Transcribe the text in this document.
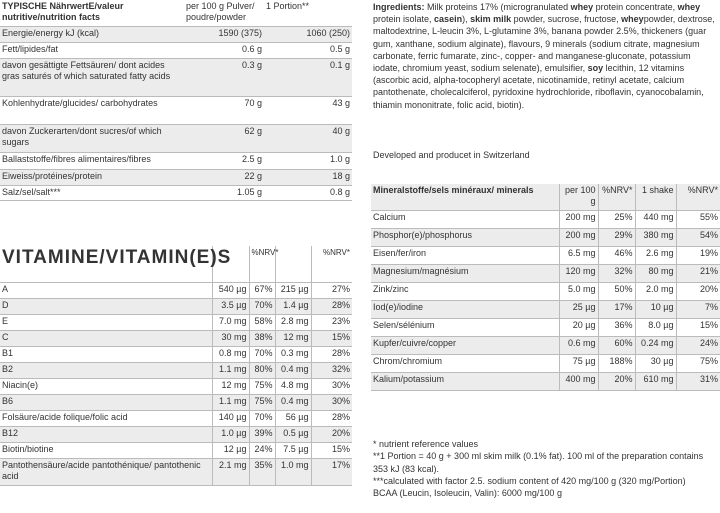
TYPISCHE NährwertE/valeur nutritive/nutrition facts	per 100 g Pulver/ poudre/powder	1 Portion**
Energie/energy kJ (kcal)	1590 (375)	1060 (250)
Fett/lipides/fat	0.6 g	0.5 g
davon gesättigte Fettsäuren/ dont acides gras saturés of which saturated fatty acids	0.3 g	0.1 g
Kohlenhydrate/glucides/ carbohydrates	70 g	43 g
davon Zuckerarten/dont sucres/of which sugars	62 g	40 g
Ballaststoffe/fibres alimentaires/fibres	2.5 g	1.0 g
Eiweiss/protéines/protein	22 g	18 g
Salz/sel/salt***	1.05 g	0.8 g
VITAMINE/VITAMIN(E)S		%NRV*		%NRV*
A	540 µg	67%	215 µg	27%
D	3.5 µg	70%	1.4 µg	28%
E	7.0 mg	58%	2.8 mg	23%
C	30 mg	38%	12 mg	15%
B1	0.8 mg	70%	0.3 mg	28%
B2	1.1 mg	80%	0.4 mg	32%
Niacin(e)	12 mg	75%	4.8 mg	30%
B6	1.1 mg	75%	0.4 mg	30%
Folsäure/acide folique/folic acid	140 µg	70%	56 µg	28%
B12	1.0 µg	39%	0.5 µg	20%
Biotin/biotine	12 µg	24%	7.5 µg	15%
Pantothensäure/acide pantothénique/ pantothenic acid	2.1 mg	35%	1.0 mg	17%
Ingredients: Milk proteins 17% (microgranulated whey protein concentrate, whey protein isolate, casein), skim milk powder, sucrose, fructose, wheypowder, dextrose, maltodextrine, L-leucin 3%, L-glutamine 3%, banana powder 2.5%, thickeners (guar gum, xanthane, sodium alginate), flavours, 9 minerals (sodium citrate, magnesium carbonate, ferric fumarate, zinc-, copper- and manganese-gluconate, potassium iodate, chromium yeast, sodium selenate), emulsifier, soy lecithin, 12 vitamins (ascorbic acid, alpha-tocopheryl acetate, nicotinamide, retinyl acetate, calcium pantothenate, cholecalciferol, pyridoxine hydrochloride, riboflavin, cyanocobalamin, thiamin mononitrate, folic acid, biotin).
Developed and producet in Switzerland
Mineralstoffe/sels minéraux/ minerals	per 100 g	%NRV*	1 shake	%NRV*
Calcium	200 mg	25%	440 mg	55%
Phosphor(e)/phosphorus	200 mg	29%	380 mg	54%
Eisen/fer/iron	6.5 mg	46%	2.6 mg	19%
Magnesium/magnésium	120 mg	32%	80 mg	21%
Zink/zinc	5.0 mg	50%	2.0 mg	20%
Iod(e)/iodine	25 µg	17%	10 µg	7%
Selen/sélénium	20 µg	36%	8.0 µg	15%
Kupfer/cuivre/copper	0.6 mg	60%	0.24 mg	24%
Chrom/chromium	75 µg	188%	30 µg	75%
Kalium/potassium	400 mg	20%	610 mg	31%
* nutrient reference values
**1 Portion = 40 g + 300 ml skim milk (0.1% fat). 100 ml of the preparation contains 353 kJ (83 kcal).
***calculated with factor 2.5. sodium content of 420 mg/100 g (320 mg/Portion)
BCAA (Leucin, Isoleucin, Valin): 6000 mg/100 g
